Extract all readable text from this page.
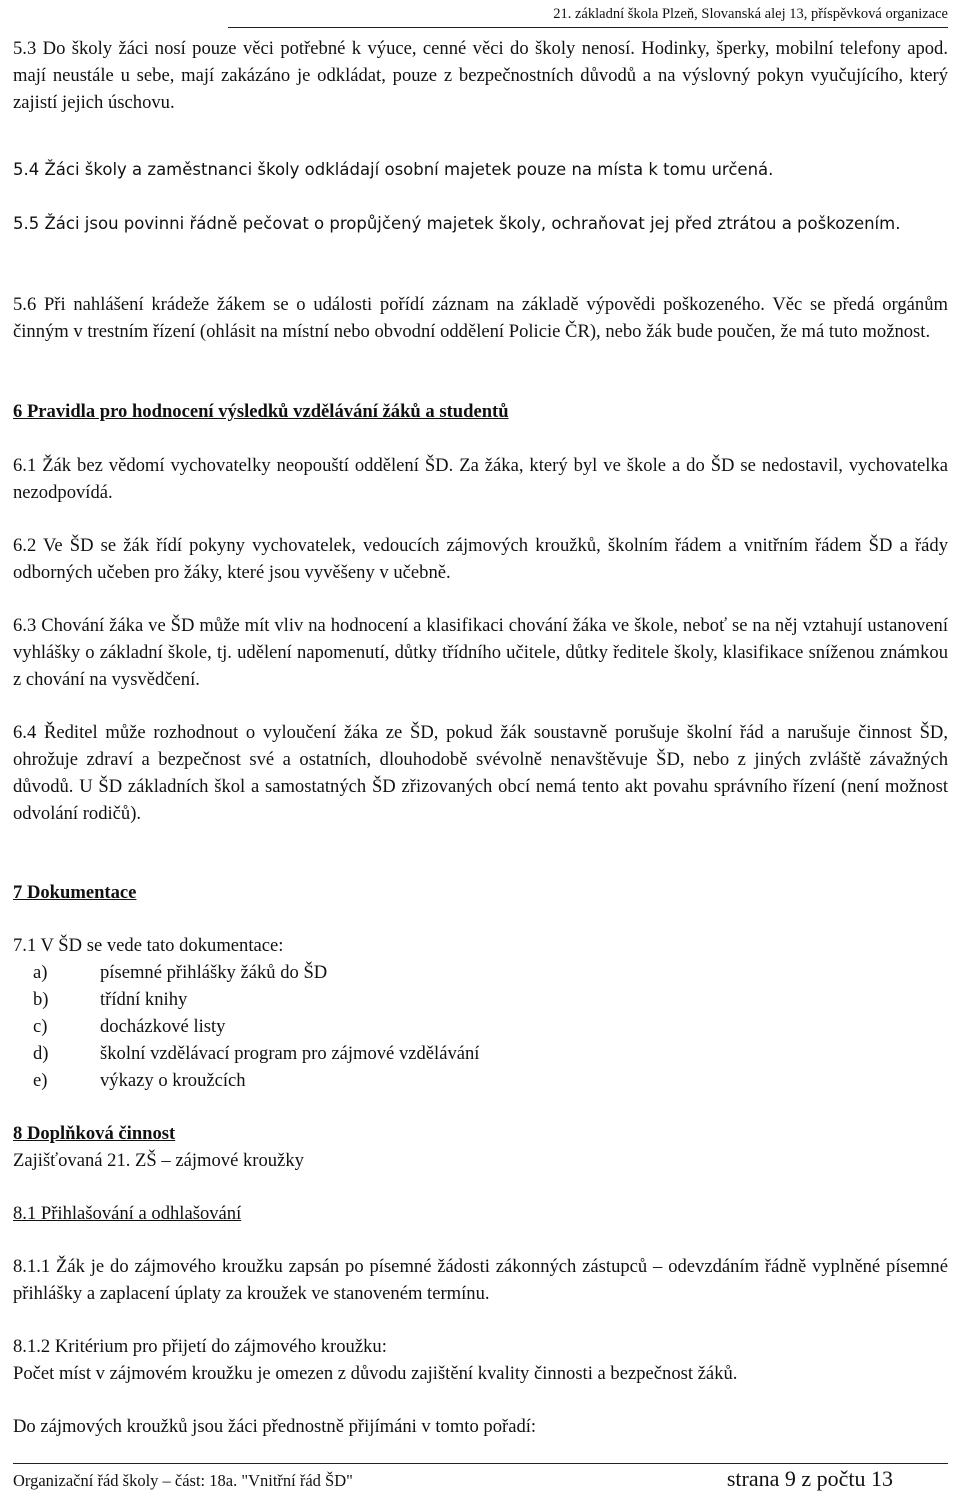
21. základní škola Plzeň, Slovanská alej 13, příspěvková organizace

5.3 Do školy žáci nosí pouze věci potřebné k výuce, cenné věci do školy nenosí. Hodinky, šperky, mobilní telefony apod. mají neustále u sebe, mají zakázáno je odkládat, pouze z bezpečnostních důvodů a na výslovný pokyn vyučujícího, který zajistí jejich úschovu.

5.4 Žáci školy a zaměstnanci školy odkládají osobní majetek pouze na místa k tomu určená.

5.5 Žáci jsou povinni řádně pečovat o propůjčený majetek školy, ochraňovat jej před ztrátou a poškozením.

5.6 Při nahlášení krádeže žákem se o události pořídí záznam na základě výpovědi poškozeného. Věc se předá orgánům činným v trestním řízení (ohlásit na místní nebo obvodní oddělení Policie ČR), nebo žák bude poučen, že má tuto možnost.

6 Pravidla pro hodnocení výsledků vzdělávání žáků a studentů

6.1 Žák bez vědomí vychovatelky neopouští oddělení ŠD. Za žáka, který byl ve škole a do ŠD se nedostavil, vychovatelka nezodpovídá.

6.2 Ve ŠD se žák řídí pokyny vychovatelek, vedoucích zájmových kroužků, školním řádem a vnitřním řádem ŠD a řády odborných učeben pro žáky, které jsou vyvěšeny v učebně.

6.3 Chování žáka ve ŠD může mít vliv na hodnocení a klasifikaci chování žáka ve škole, neboť se na něj vztahují ustanovení vyhlášky o základní škole, tj. udělení napomenutí, důtky třídního učitele, důtky ředitele školy, klasifikace sníženou známkou z chování na vysvědčení.

6.4 Ředitel může rozhodnout o vyloučení žáka ze ŠD, pokud žák soustavně porušuje školní řád a narušuje činnost ŠD, ohrožuje zdraví a bezpečnost své a ostatních, dlouhodobě svévolně nenavštěvuje ŠD, nebo z jiných zvláště závažných důvodů. U ŠD základních škol a samostatných ŠD zřizovaných obcí nemá tento akt povahu správního řízení (není možnost odvolání rodičů).

7 Dokumentace

7.1 V ŠD se vede tato dokumentace:

a)	písemné přihlášky žáků do ŠD
b)	třídní knihy
c)	docházkové listy
d)	školní vzdělávací program pro zájmové vzdělávání
e)	výkazy o kroužcích

8 Doplňková činnost

Zajišťovaná 21. ZŠ – zájmové kroužky

8.1 Přihlašování a odhlašování

8.1.1 Žák je do zájmového kroužku zapsán po písemné žádosti zákonných zástupců – odevzdáním řádně vyplněné písemné přihlášky a zaplacení úplaty za kroužek ve stanoveném termínu.

8.1.2 Kritérium pro přijetí do zájmového kroužku:

Počet míst v zájmovém kroužku je omezen z důvodu zajištění kvality činnosti a bezpečnost žáků.

Do zájmových kroužků jsou žáci přednostně přijímáni v tomto pořadí:

Organizační řád školy – část: 18a. "Vnitřní řád ŠD"	strana 9 z počtu 13
